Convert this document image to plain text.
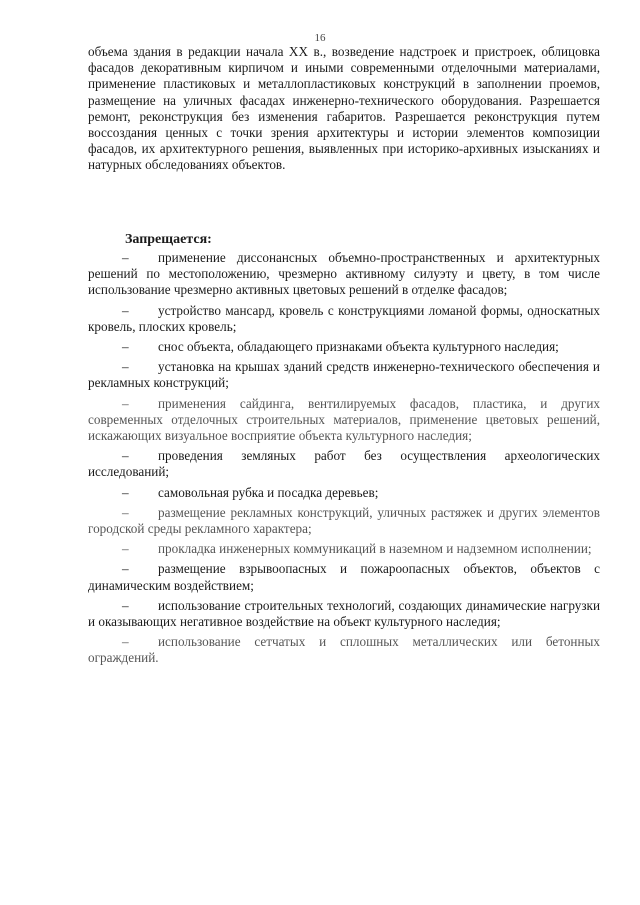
16

объема здания в редакции начала XX в., возведение надстроек и пристроек, облицовка фасадов декоративным кирпичом и иными современными отделочными материалами, применение пластиковых и металлопластиковых конструкций в заполнении проемов, размещение на уличных фасадах инженерно-технического оборудования. Разрешается ремонт, реконструкция без изменения габаритов. Разрешается реконструкция путем воссоздания ценных с точки зрения архитектуры и истории элементов композиции фасадов, их архитектурного решения, выявленных при историко-архивных изысканиях и натурных обследованиях объектов.

Запрещается:

– применение диссонансных объемно-пространственных и архитектурных решений по местоположению, чрезмерно активному силуэту и цвету, в том числе использование чрезмерно активных цветовых решений в отделке фасадов;

– устройство мансард, кровель с конструкциями ломаной формы, односкатных кровель, плоских кровель;

– снос объекта, обладающего признаками объекта культурного наследия;

– установка на крышах зданий средств инженерно-технического обеспечения и рекламных конструкций;

– применения сайдинга, вентилируемых фасадов, пластика, и других современных отделочных строительных материалов, применение цветовых решений, искажающих визуальное восприятие объекта культурного наследия;

– проведения земляных работ без осуществления археологических исследований;

– самовольная рубка и посадка деревьев;

– размещение рекламных конструкций, уличных растяжек и других элементов городской среды рекламного характера;

– прокладка инженерных коммуникаций в наземном и надземном исполнении;

– размещение взрывоопасных и пожароопасных объектов, объектов с динамическим воздействием;

– использование строительных технологий, создающих динамические нагрузки и оказывающих негативное воздействие на объект культурного наследия;

– использование сетчатых и сплошных металлических или бетонных ограждений.
